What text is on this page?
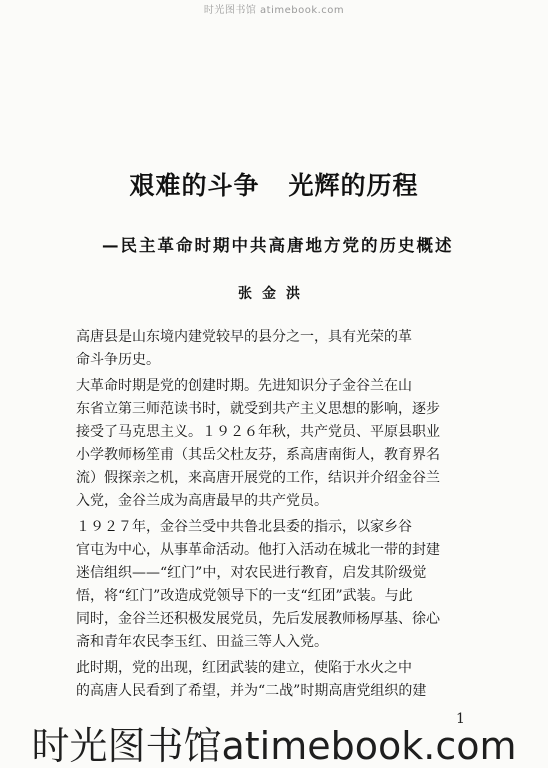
时光图书馆 atimebook.com
艰难的斗争   光辉的历程
—民主革命时期中共高唐地方党的历史概述
张金洪
高唐县是山东境内建党较早的县分之一，具有光荣的革
命斗争历史。
大革命时期是党的创建时期。先进知识分子金谷兰在山
东省立第三师范读书时，就受到共产主义思想的影响，逐步
接受了马克思主义。１９２６年秋，共产党员、平原县职业
小学教师杨笙甫（其岳父杜友芬，系高唐南街人，教育界名
流）假探亲之机，来高唐开展党的工作，结识并介绍金谷兰
入党，金谷兰成为高唐最早的共产党员。
１９２７年，金谷兰受中共鲁北县委的指示，以家乡谷
官屯为中心，从事革命活动。他打入活动在城北一带的封建
迷信组织——“红门”中，对农民进行教育，启发其阶级觉
悟，将“红门”改造成党领导下的一支“红团”武装。与此
同时，金谷兰还积极发展党员，先后发展教师杨厚基、徐心
斋和青年农民李玉红、田益三等人入党。
此时期，党的出现，红团武装的建立，使陷于水火之中
的高唐人民看到了希望，并为“二战”时期高唐党组织的建
1
时光图书馆atimebook.com
